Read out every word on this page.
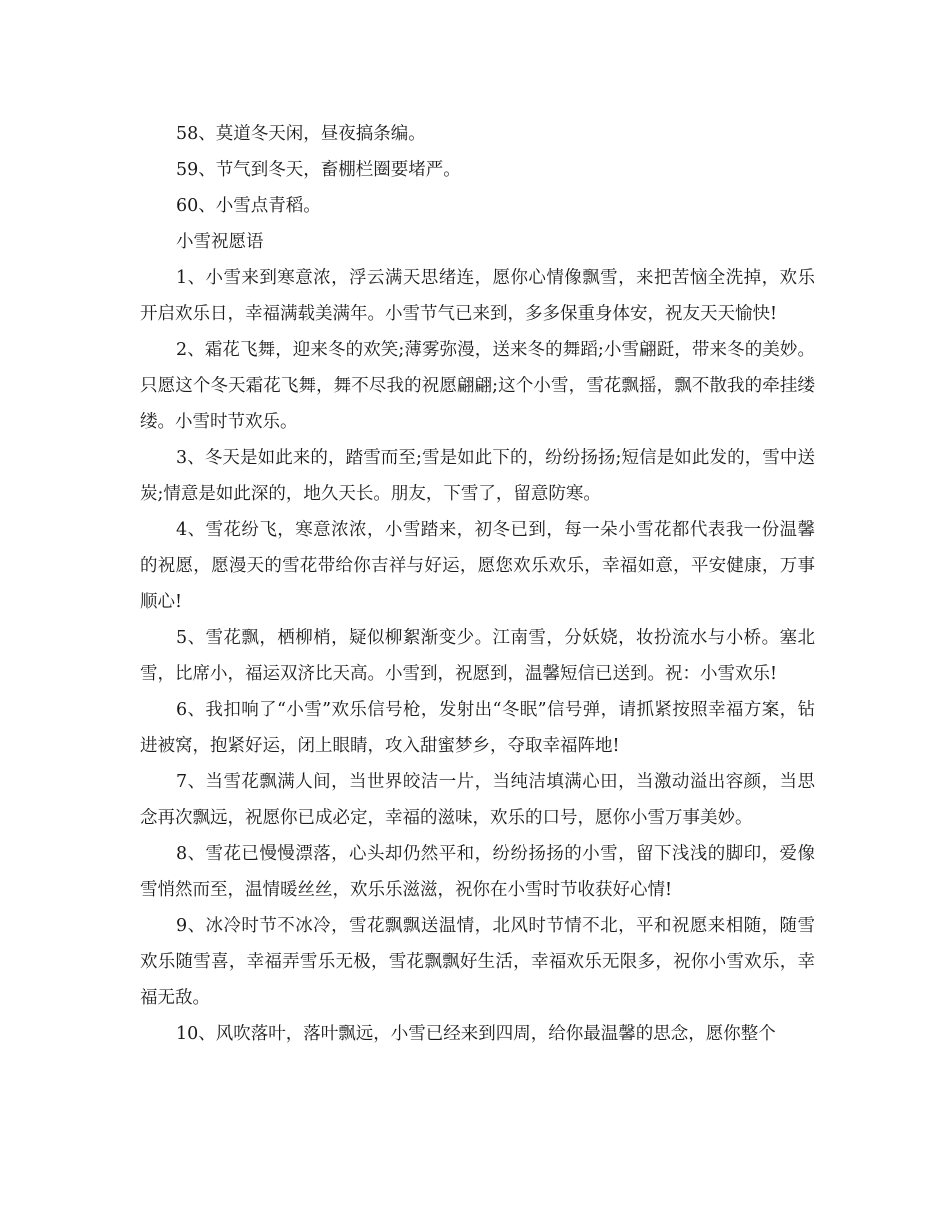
58、莫道冬天闲，昼夜搞条编。

59、节气到冬天，畜棚栏圈要堵严。

60、小雪点青稻。

小雪祝愿语

1、小雪来到寒意浓，浮云满天思绪连，愿你心情像飘雪，来把苦恼全洗掉，欢乐开启欢乐日，幸福满载美满年。小雪节气已来到，多多保重身体安，祝友天天愉快!

2、霜花飞舞，迎来冬的欢笑;薄雾弥漫，送来冬的舞蹈;小雪翩跹，带来冬的美妙。只愿这个冬天霜花飞舞，舞不尽我的祝愿翩翩;这个小雪，雪花飘摇，飘不散我的牵挂缕缕。小雪时节欢乐。

3、冬天是如此来的，踏雪而至;雪是如此下的，纷纷扬扬;短信是如此发的，雪中送炭;情意是如此深的，地久天长。朋友，下雪了，留意防寒。

4、雪花纷飞，寒意浓浓，小雪踏来，初冬已到，每一朵小雪花都代表我一份温馨的祝愿，愿漫天的雪花带给你吉祥与好运，愿您欢乐欢乐，幸福如意，平安健康，万事顺心!

5、雪花飘，栖柳梢，疑似柳絮渐变少。江南雪，分妖娆，妆扮流水与小桥。塞北雪，比席小，福运双济比天高。小雪到，祝愿到，温馨短信已送到。祝：小雪欢乐!

6、我扣响了“小雪”欢乐信号枪，发射出“冬眠”信号弹，请抓紧按照幸福方案，钻进被窝，抱紧好运，闭上眼睛，攻入甜蜜梦乡，夺取幸福阵地!

7、当雪花飘满人间，当世界皎洁一片，当纯洁填满心田，当激动溢出容颜，当思念再次飘远，祝愿你已成必定，幸福的滋味，欢乐的口号，愿你小雪万事美妙。

8、雪花已慢慢漂落，心头却仍然平和，纷纷扬扬的小雪，留下浅浅的脚印，爱像雪悄然而至，温情暖丝丝，欢乐乐滋滋，祝你在小雪时节收获好心情!

9、冰冷时节不冰冷，雪花飘飘送温情，北风时节情不北，平和祝愿来相随，随雪欢乐随雪喜，幸福弄雪乐无极，雪花飘飘好生活，幸福欢乐无限多，祝你小雪欢乐，幸福无敌。

10、风吹落叶，落叶飘远，小雪已经来到四周，给你最温馨的思念，愿你整个
